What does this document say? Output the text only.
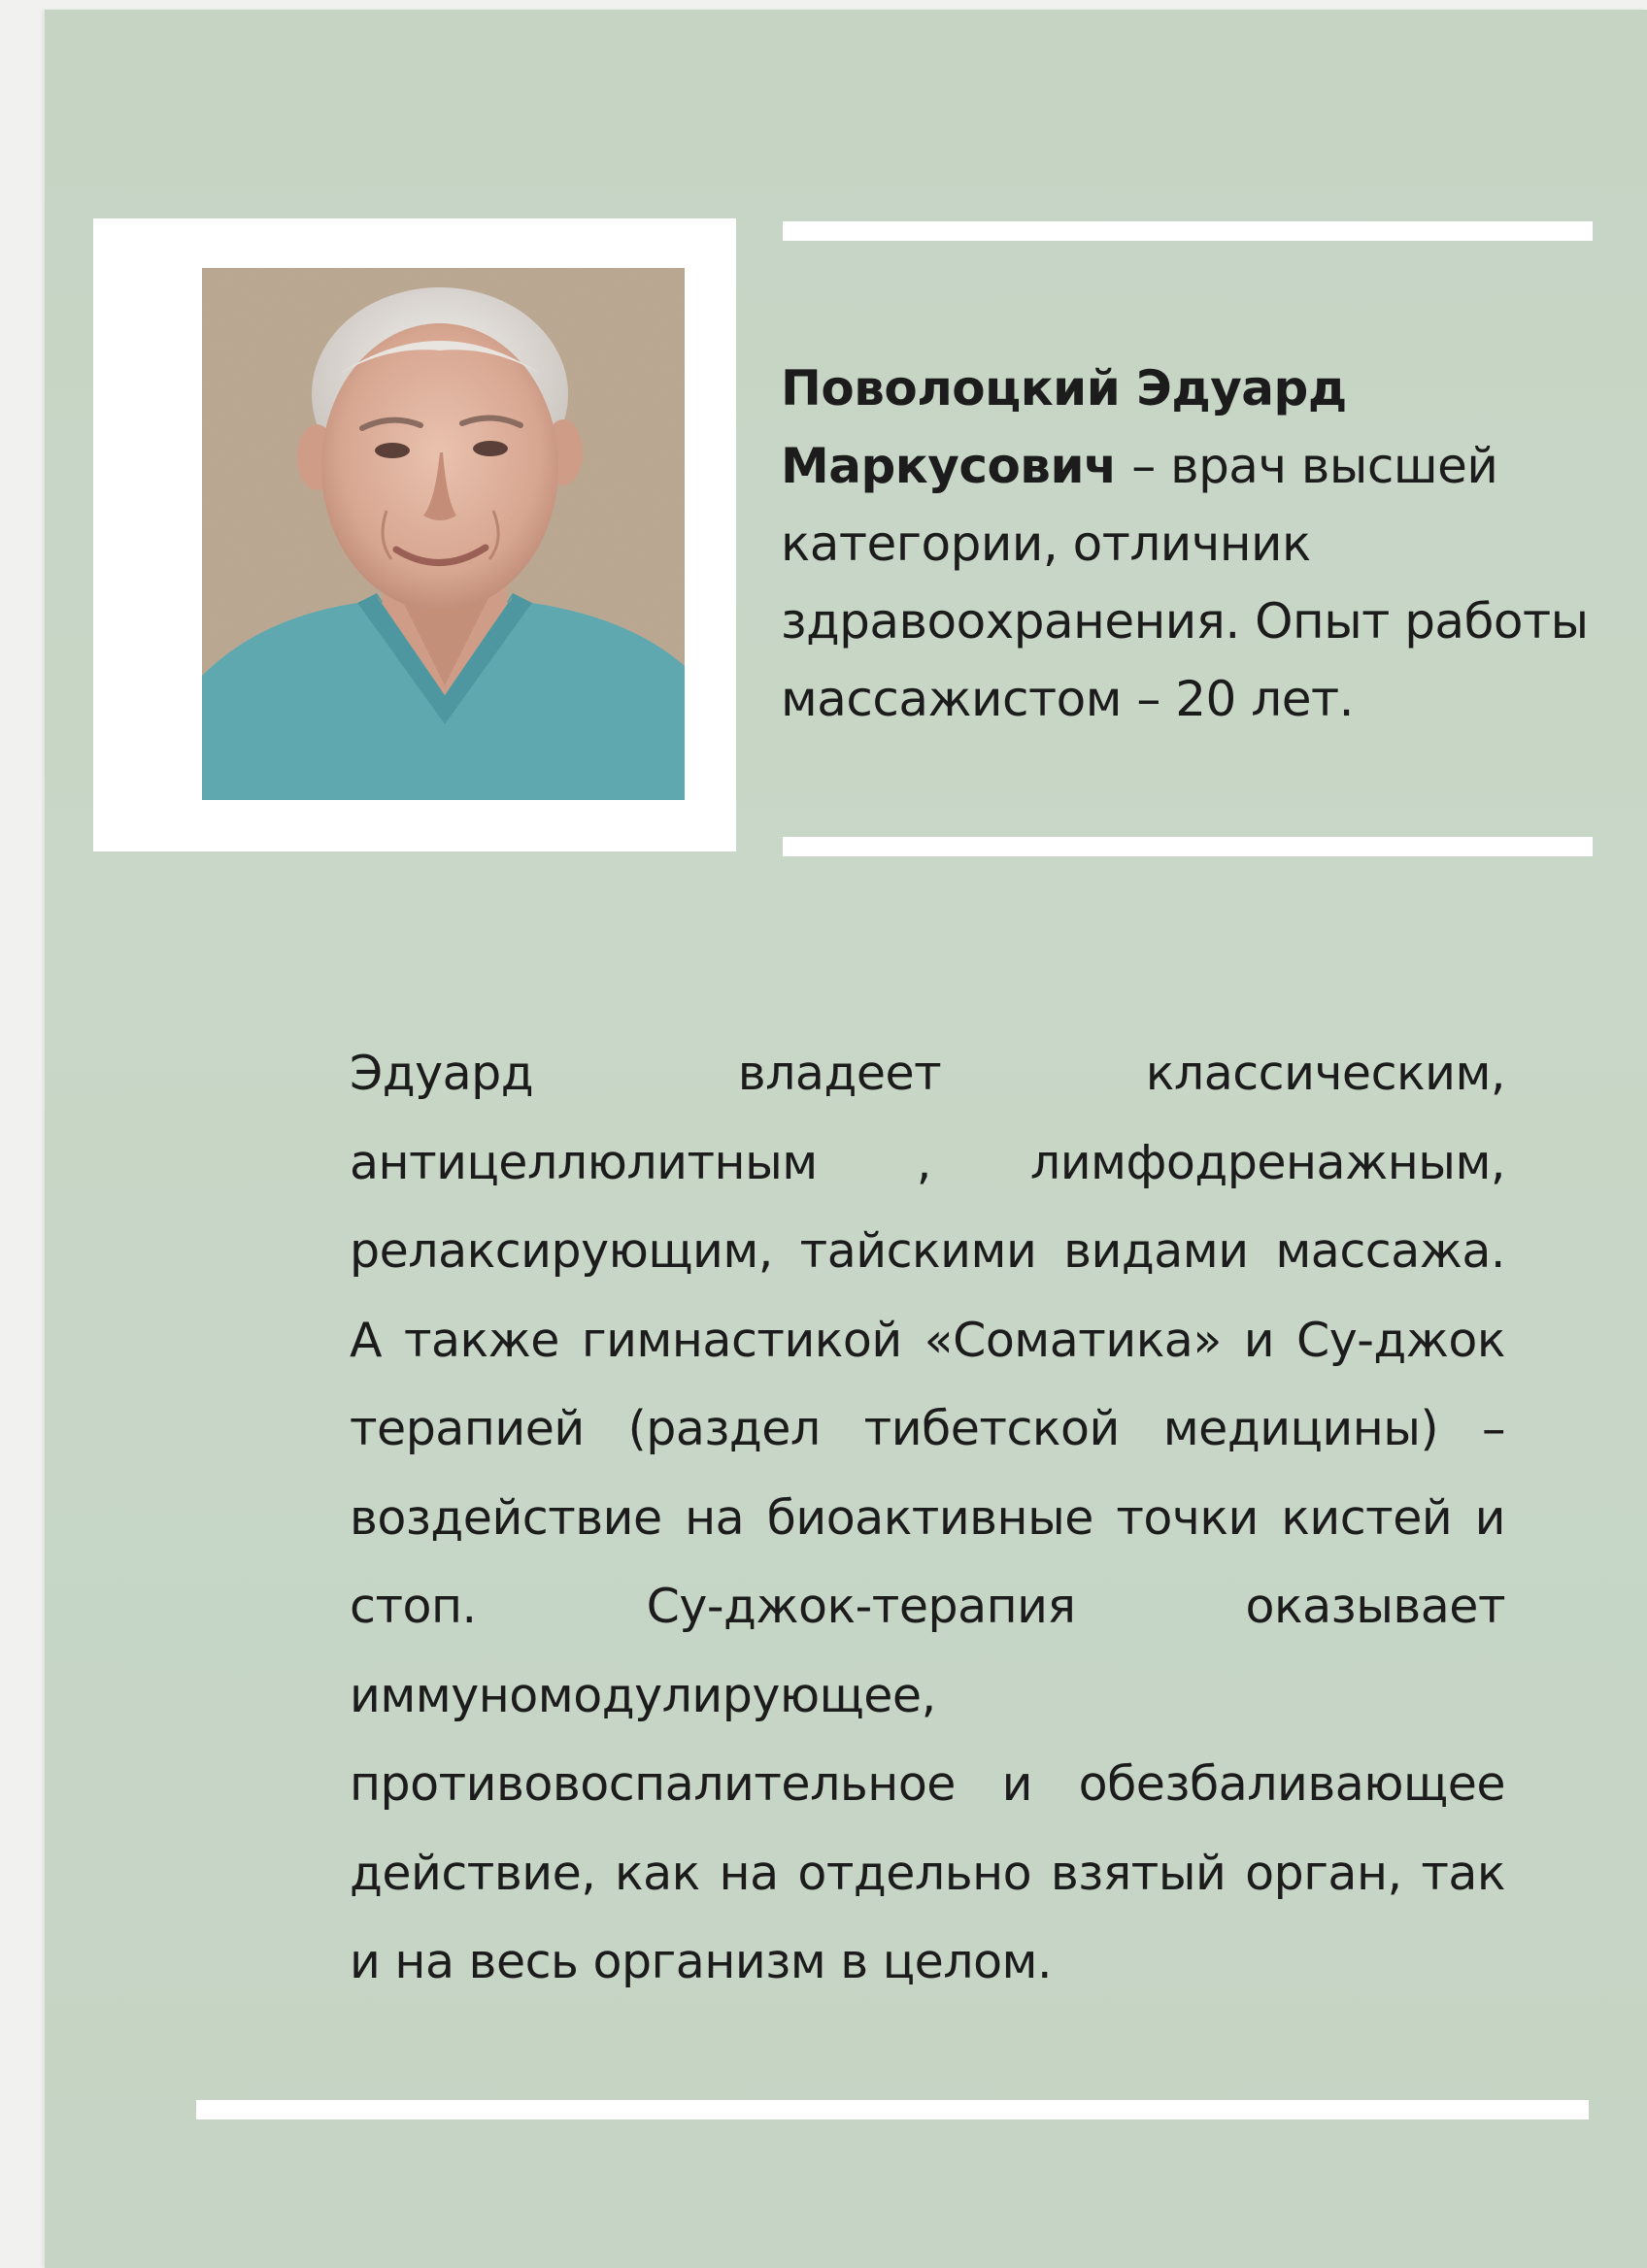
Поволоцкий Эдуард Маркусович – врач высшей категории, отличник здравоохранения. Опыт работы массажистом – 20 лет.
Эдуард владеет классическим, антицеллюлитным , лимфодренажным, релаксирующим, тайскими видами массажа. А также гимнастикой «Соматика» и Су-джок терапией (раздел тибетской медицины) – воздействие на биоактивные точки кистей и стоп. Су-джок-терапия оказывает иммуномодулирующее, противовоспалительное и обезбаливающее действие, как на отдельно взятый орган, так и на весь организм в целом.
